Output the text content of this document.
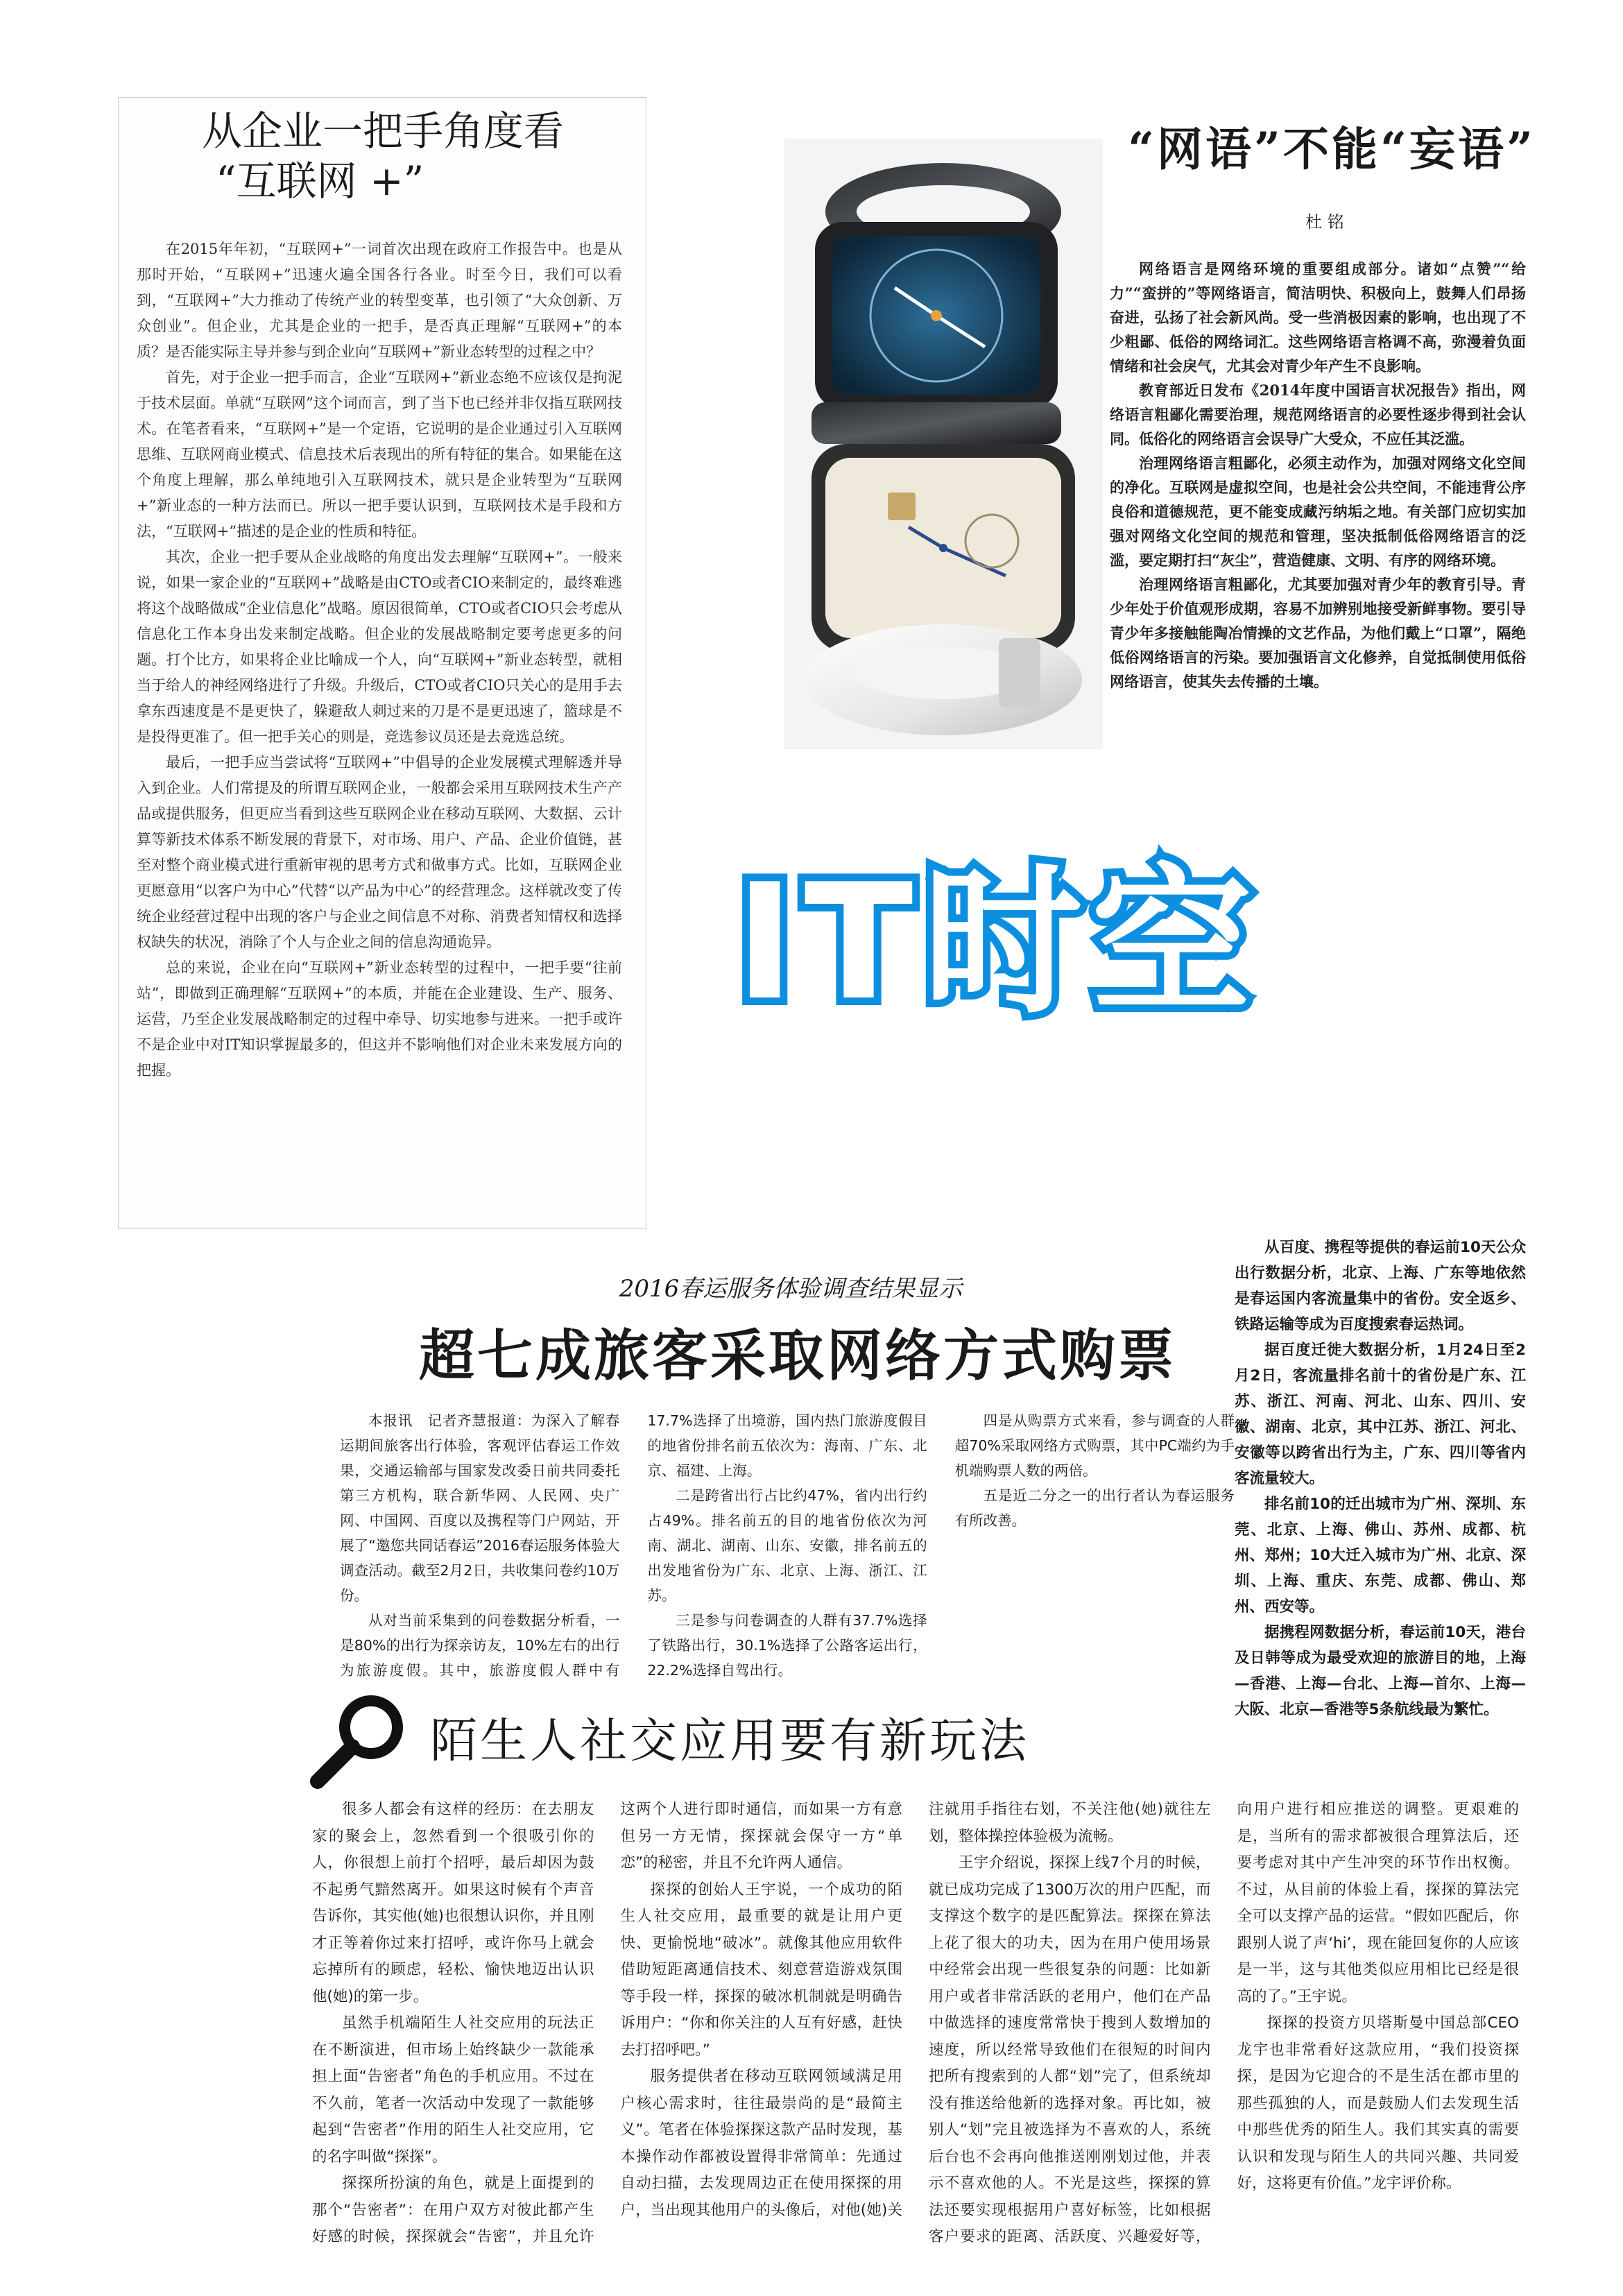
从企业一把手角度看
“互联网 +”

在2015年年初，“互联网+”一词首次出现在政府工作报告中。也是从那时开始，“互联网+”迅速火遍全国各行各业。时至今日，我们可以看到，“互联网+”大力推动了传统产业的转型变革，也引领了“大众创新、万众创业”。但企业，尤其是企业的一把手，是否真正理解“互联网+”的本质？是否能实际主导并参与到企业向“互联网+”新业态转型的过程之中？

首先，对于企业一把手而言，企业“互联网+”新业态绝不应该仅是拘泥于技术层面。单就“互联网”这个词而言，到了当下也已经并非仅指互联网技术。在笔者看来，“互联网+”是一个定语，它说明的是企业通过引入互联网思维、互联网商业模式、信息技术后表现出的所有特征的集合。如果能在这个角度上理解，那么单纯地引入互联网技术，就只是企业转型为“互联网+”新业态的一种方法而已。所以一把手要认识到，互联网技术是手段和方法，“互联网+”描述的是企业的性质和特征。

其次，企业一把手要从企业战略的角度出发去理解“互联网+”。一般来说，如果一家企业的“互联网+”战略是由CTO或者CIO来制定的，最终难逃将这个战略做成“企业信息化”战略。原因很简单，CTO或者CIO只会考虑从信息化工作本身出发来制定战略。但企业的发展战略制定要考虑更多的问题。打个比方，如果将企业比喻成一个人，向“互联网+”新业态转型，就相当于给人的神经网络进行了升级。升级后，CTO或者CIO只关心的是用手去拿东西速度是不是更快了，躲避敌人刺过来的刀是不是更迅速了，篮球是不是投得更准了。但一把手关心的则是，竞选参议员还是去竞选总统。

最后，一把手应当尝试将“互联网+”中倡导的企业发展模式理解透并导入到企业。人们常提及的所谓互联网企业，一般都会采用互联网技术生产产品或提供服务，但更应当看到这些互联网企业在移动互联网、大数据、云计算等新技术体系不断发展的背景下，对市场、用户、产品、企业价值链，甚至对整个商业模式进行重新审视的思考方式和做事方式。比如，互联网企业更愿意用“以客户为中心”代替“以产品为中心”的经营理念。这样就改变了传统企业经营过程中出现的客户与企业之间信息不对称、消费者知情权和选择权缺失的状况，消除了个人与企业之间的信息沟通诡异。

总的来说，企业在向“互联网+”新业态转型的过程中，一把手要“往前站”，即做到正确理解“互联网+”的本质，并能在企业建设、生产、服务、运营，乃至企业发展战略制定的过程中牵导、切实地参与进来。一把手或许不是企业中对IT知识掌握最多的，但这并不影响他们对企业未来发展方向的把握。

“网语”不能“妄语”
杜 铭

网络语言是网络环境的重要组成部分。诸如“点赞”“给力”“蛮拼的”等网络语言，简洁明快、积极向上，鼓舞人们昂扬奋进，弘扬了社会新风尚。受一些消极因素的影响，也出现了不少粗鄙、低俗的网络词汇。这些网络语言格调不高，弥漫着负面情绪和社会戾气，尤其会对青少年产生不良影响。

教育部近日发布《2014年度中国语言状况报告》指出，网络语言粗鄙化需要治理，规范网络语言的必要性逐步得到社会认同。低俗化的网络语言会误导广大受众，不应任其泛滥。

治理网络语言粗鄙化，必须主动作为，加强对网络文化空间的净化。互联网是虚拟空间，也是社会公共空间，不能违背公序良俗和道德规范，更不能变成藏污纳垢之地。有关部门应切实加强对网络文化空间的规范和管理，坚决抵制低俗网络语言的泛滥，要定期打扫“灰尘”，营造健康、文明、有序的网络环境。

治理网络语言粗鄙化，尤其要加强对青少年的教育引导。青少年处于价值观形成期，容易不加辨别地接受新鲜事物。要引导青少年多接触能陶冶情操的文艺作品，为他们戴上“口罩”，隔绝低俗网络语言的污染。要加强语言文化修养，自觉抵制使用低俗网络语言，使其失去传播的土壤。

IT时空
2016春运服务体验调查结果显示
超七成旅客采取网络方式购票

本报讯　记者齐慧报道：为深入了解春运期间旅客出行体验，客观评估春运工作效果，交通运输部与国家发改委日前共同委托第三方机构，联合新华网、人民网、央广网、中国网、百度以及携程等门户网站，开展了“邀您共同话春运”2016春运服务体验大调查活动。截至2月2日，共收集问卷约10万份。

从对当前采集到的问卷数据分析看，一是80%的出行为探亲访友，10%左右的出行为旅游度假。其中，旅游度假人群中有17.7%选择了出境游，国内热门旅游度假目的地省份排名前五依次为：海南、广东、北京、福建、上海。

二是跨省出行占比约47%，省内出行约占49%。排名前五的目的地省份依次为河南、湖北、湖南、山东、安徽，排名前五的出发地省份为广东、北京、上海、浙江、江苏。

三是参与问卷调查的人群有37.7%选择了铁路出行，30.1%选择了公路客运出行，22.2%选择自驾出行。

四是从购票方式来看，参与调查的人群超70%采取网络方式购票，其中PC端约为手机端购票人数的两倍。

五是近二分之一的出行者认为春运服务有所改善。

从百度、携程等提供的春运前10天公众出行数据分析，北京、上海、广东等地依然是春运国内客流量集中的省份。安全返乡、铁路运输等成为百度搜索春运热词。

据百度迁徙大数据分析，1月24日至2月2日，客流量排名前十的省份是广东、江苏、浙江、河南、河北、山东、四川、安徽、湖南、北京，其中江苏、浙江、河北、安徽等以跨省出行为主，广东、四川等省内客流量较大。

排名前10的迁出城市为广州、深圳、东莞、北京、上海、佛山、苏州、成都、杭州、郑州；10大迁入城市为广州、北京、深圳、上海、重庆、东莞、成都、佛山、郑州、西安等。

据携程网数据分析，春运前10天，港台及日韩等成为最受欢迎的旅游目的地，上海—香港、上海—台北、上海—首尔、上海—大阪、北京—香港等5条航线最为繁忙。

陌生人社交应用要有新玩法

很多人都会有这样的经历：在去朋友家的聚会上，忽然看到一个很吸引你的人，你很想上前打个招呼，最后却因为鼓不起勇气黯然离开。如果这时候有个声音告诉你，其实他(她)也很想认识你，并且刚才正等着你过来打招呼，或许你马上就会忘掉所有的顾虑，轻松、愉快地迈出认识他(她)的第一步。

虽然手机端陌生人社交应用的玩法正在不断演进，但市场上始终缺少一款能承担上面“告密者”角色的手机应用。不过在不久前，笔者一次活动中发现了一款能够起到“告密者”作用的陌生人社交应用，它的名字叫做“探探”。

探探所扮演的角色，就是上面提到的那个“告密者”：在用户双方对彼此都产生好感的时候，探探就会“告密”，并且允许这两个人进行即时通信，而如果一方有意但另一方无情，探探就会保守一方“单恋”的秘密，并且不允许两人通信。

探探的创始人王宇说，一个成功的陌生人社交应用，最重要的就是让用户更快、更愉悦地“破冰”。就像其他应用软件借助短距离通信技术、刻意营造游戏氛围等手段一样，探探的破冰机制就是明确告诉用户：“你和你关注的人互有好感，赶快去打招呼吧。”

服务提供者在移动互联网领域满足用户核心需求时，往往最崇尚的是“最简主义”。笔者在体验探探这款产品时发现，基本操作动作都被设置得非常简单：先通过自动扫描，去发现周边正在使用探探的用户，当出现其他用户的头像后，对他(她)关注就用手指往右划，不关注他(她)就往左划，整体操控体验极为流畅。

王宇介绍说，探探上线7个月的时候，就已成功完成了1300万次的用户匹配，而支撑这个数字的是匹配算法。探探在算法上花了很大的功夫，因为在用户使用场景中经常会出现一些很复杂的问题：比如新用户或者非常活跃的老用户，他们在产品中做选择的速度常常快于搜到人数增加的速度，所以经常导致他们在很短的时间内把所有搜索到的人都“划”完了，但系统却没有推送给他新的选择对象。再比如，被别人“划”完且被选择为不喜欢的人，系统后台也不会再向他推送刚刚划过他，并表示不喜欢他的人。不光是这些，探探的算法还要实现根据用户喜好标签，比如根据客户要求的距离、活跃度、兴趣爱好等，向用户进行相应推送的调整。更艰难的是，当所有的需求都被很合理算法后，还要考虑对其中产生冲突的环节作出权衡。不过，从目前的体验上看，探探的算法完全可以支撑产品的运营。“假如匹配后，你跟别人说了声‘hi’，现在能回复你的人应该是一半，这与其他类似应用相比已经是很高的了。”王宇说。

探探的投资方贝塔斯曼中国总部CEO龙宇也非常看好这款应用，“我们投资探探，是因为它迎合的不是生活在都市里的那些孤独的人，而是鼓励人们去发现生活中那些优秀的陌生人。我们其实真的需要认识和发现与陌生人的共同兴趣、共同爱好，这将更有价值。”龙宇评价称。
